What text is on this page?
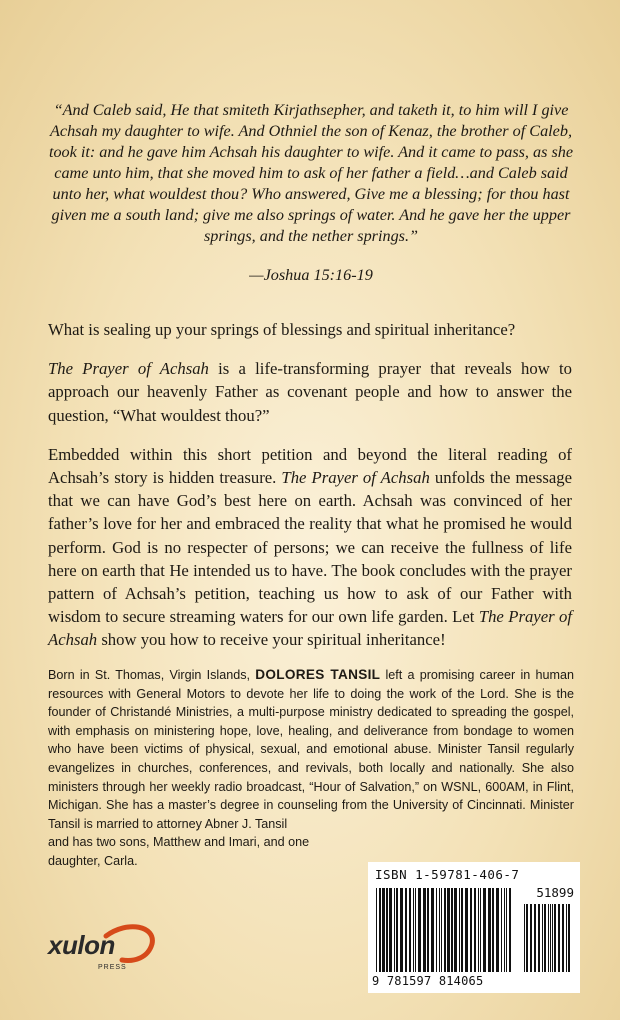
“And Caleb said, He that smiteth Kirjathsepher, and taketh it, to him will I give Achsah my daughter to wife. And Othniel the son of Kenaz, the brother of Caleb, took it: and he gave him Achsah his daughter to wife. And it came to pass, as she came unto him, that she moved him to ask of her father a field…and Caleb said unto her, what wouldest thou? Who answered, Give me a blessing; for thou hast given me a south land; give me also springs of water. And he gave her the upper springs, and the nether springs.”

—Joshua 15:16-19

What is sealing up your springs of blessings and spiritual inheritance?

The Prayer of Achsah is a life-transforming prayer that reveals how to approach our heavenly Father as covenant people and how to answer the question, “What wouldest thou?”

Embedded within this short petition and beyond the literal reading of Achsah’s story is hidden treasure. The Prayer of Achsah unfolds the message that we can have God’s best here on earth. Achsah was convinced of her father’s love for her and embraced the reality that what he promised he would perform. God is no respecter of persons; we can receive the fullness of life here on earth that He intended us to have. The book concludes with the prayer pattern of Achsah’s petition, teaching us how to ask of our Father with wisdom to secure streaming waters for our own life garden. Let The Prayer of Achsah show you how to receive your spiritual inheritance!

Born in St. Thomas, Virgin Islands, DOLORES TANSIL left a promising career in human resources with General Motors to devote her life to doing the work of the Lord. She is the founder of Christandé Ministries, a multi-purpose ministry dedicated to spreading the gospel, with emphasis on ministering hope, love, healing, and deliverance from bondage to women who have been victims of physical, sexual, and emotional abuse. Minister Tansil regularly evangelizes in churches, conferences, and revivals, both locally and nationally. She also ministers through her weekly radio broadcast, “Hour of Salvation,” on WSNL, 600AM, in Flint, Michigan. She has a master’s degree in counseling from the University of Cincinnati. Minister Tansil is married to attorney Abner J. Tansil
and has two sons, Matthew and Imari, and one daughter, Carla.
ISBN 1-59781-406-7
51899
9 781597 814065
xulon
PRESS
